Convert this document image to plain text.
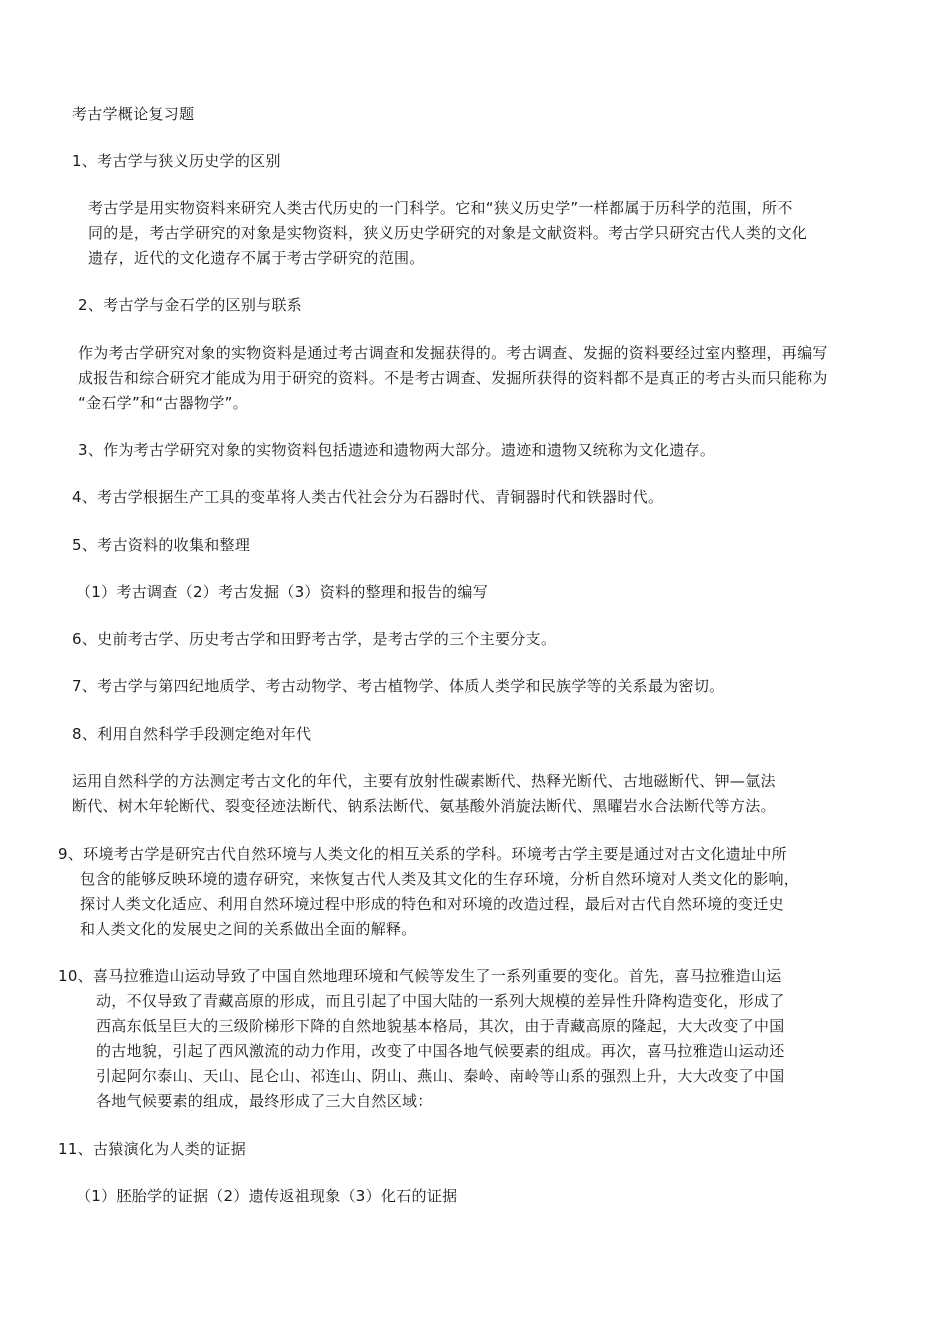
考古学概论复习题
1、考古学与狭义历史学的区别
考古学是用实物资料来研究人类古代历史的一门科学。它和“狭义历史学”一样都属于历科学的范围，所不
同的是，考古学研究的对象是实物资料，狭义历史学研究的对象是文献资料。考古学只研究古代人类的文化
遗存，近代的文化遗存不属于考古学研究的范围。
2、考古学与金石学的区别与联系
作为考古学研究对象的实物资料是通过考古调查和发掘获得的。考古调查、发掘的资料要经过室内整理，再编写
成报告和综合研究才能成为用于研究的资料。不是考古调查、发掘所获得的资料都不是真正的考古头而只能称为
“金石学”和“古器物学”。
3、作为考古学研究对象的实物资料包括遗迹和遗物两大部分。遗迹和遗物又统称为文化遗存。
4、考古学根据生产工具的变革将人类古代社会分为石器时代、青铜器时代和铁器时代。
5、考古资料的收集和整理
（1）考古调查（2）考古发掘（3）资料的整理和报告的编写
6、史前考古学、历史考古学和田野考古学，是考古学的三个主要分支。
7、考古学与第四纪地质学、考古动物学、考古植物学、体质人类学和民族学等的关系最为密切。
8、利用自然科学手段测定绝对年代
运用自然科学的方法测定考古文化的年代，主要有放射性碳素断代、热释光断代、古地磁断代、钾—氩法
断代、树木年轮断代、裂变径迹法断代、钠系法断代、氨基酸外消旋法断代、黑曜岩水合法断代等方法。
9、环境考古学是研究古代自然环境与人类文化的相互关系的学科。环境考古学主要是通过对古文化遗址中所
包含的能够反映环境的遗存研究，来恢复古代人类及其文化的生存环境，分析自然环境对人类文化的影响，
探讨人类文化适应、利用自然环境过程中形成的特色和对环境的改造过程，最后对古代自然环境的变迁史
和人类文化的发展史之间的关系做出全面的解释。
10、喜马拉雅造山运动导致了中国自然地理环境和气候等发生了一系列重要的变化。首先，喜马拉雅造山运
动，不仅导致了青藏高原的形成，而且引起了中国大陆的一系列大规模的差异性升降构造变化，形成了
西高东低呈巨大的三级阶梯形下降的自然地貌基本格局，其次，由于青藏高原的隆起，大大改变了中国
的古地貌，引起了西风激流的动力作用，改变了中国各地气候要素的组成。再次，喜马拉雅造山运动还
引起阿尔泰山、天山、昆仑山、祁连山、阴山、燕山、秦岭、南岭等山系的强烈上升，大大改变了中国
各地气候要素的组成，最终形成了三大自然区域：
11、古猿演化为人类的证据
（1）胚胎学的证据（2）遗传返祖现象（3）化石的证据
